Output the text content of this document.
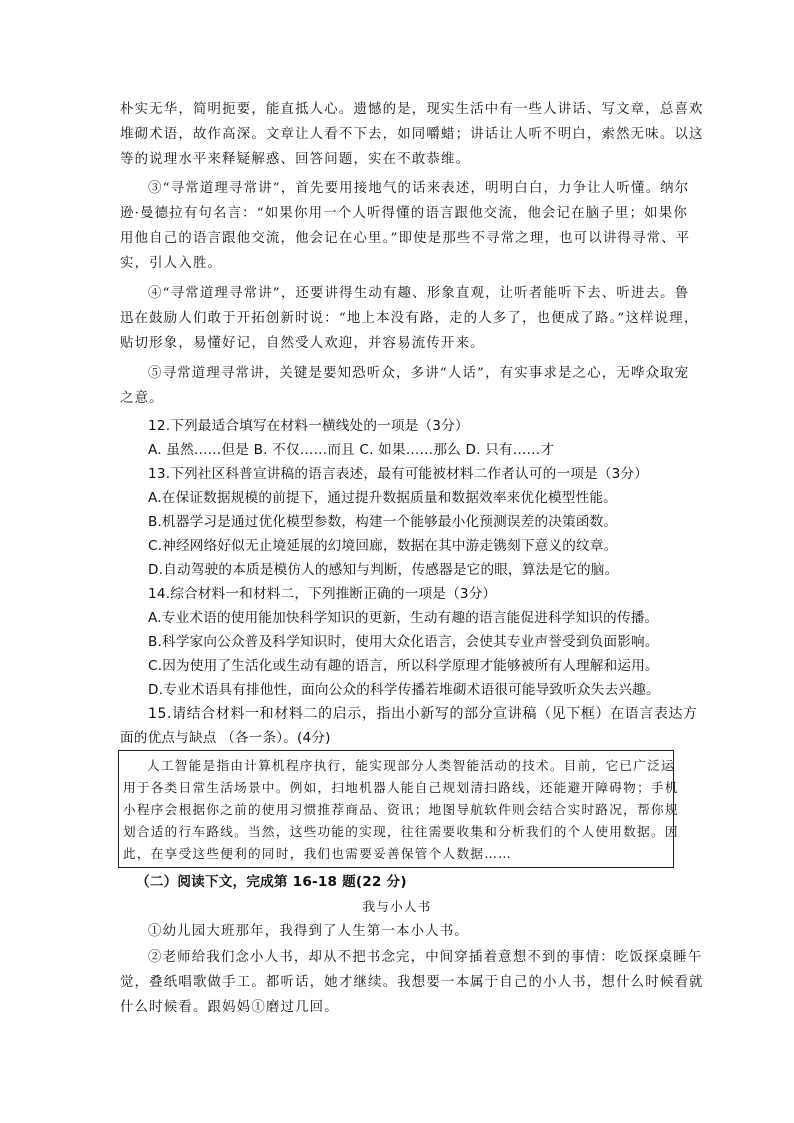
朴实无华，简明扼要，能直抵人心。遗憾的是，现实生活中有一些人讲话、写文章，总喜欢
堆砌术语，故作高深。文章让人看不下去，如同嚼蜡；讲话让人听不明白，索然无味。以这
等的说理水平来释疑解惑、回答问题，实在不敢恭维。
③“寻常道理寻常讲”，首先要用接地气的话来表述，明明白白，力争让人听懂。纳尔
逊·曼德拉有句名言：“如果你用一个人听得懂的语言跟他交流，他会记在脑子里；如果你
用他自己的语言跟他交流，他会记在心里。”即使是那些不寻常之理，也可以讲得寻常、平
实，引人入胜。
④“寻常道理寻常讲”，还要讲得生动有趣、形象直观，让听者能听下去、听进去。鲁
迅在鼓励人们敢于开拓创新时说：“地上本没有路，走的人多了，也便成了路。”这样说理，
贴切形象，易懂好记，自然受人欢迎，并容易流传开来。
⑤寻常道理寻常讲，关键是要知恐听众，多讲“人话”，有实事求是之心，无哗众取宠
之意。
12.下列最适合填写在材料一横线处的一项是（3分）
A. 虽然……但是 B. 不仅……而且 C. 如果……那么 D. 只有……才
13.下列社区科普宣讲稿的语言表述，最有可能被材料二作者认可的一项是（3分）
A.在保证数据规模的前提下，通过提升数据质量和数据效率来优化模型性能。
B.机器学习是通过优化模型参数，构建一个能够最小化预测误差的决策函数。
C.神经网络好似无止境延展的幻境回廊，数据在其中游走镌刻下意义的纹章。
D.自动驾驶的本质是模仿人的感知与判断，传感器是它的眼，算法是它的脑。
14.综合材料一和材料二，下列推断正确的一项是（3分）
A.专业术语的使用能加快科学知识的更新，生动有趣的语言能促进科学知识的传播。
B.科学家向公众普及科学知识时，使用大众化语言，会使其专业声誉受到负面影响。
C.因为使用了生活化或生动有趣的语言，所以科学原理才能够被所有人理解和运用。
D.专业术语具有排他性，面向公众的科学传播若堆砌术语很可能导致听众失去兴趣。
15.请结合材料一和材料二的启示，指出小新写的部分宣讲稿（见下框）在语言表达方
面的优点与缺点 （各一条）。(4分)
人工智能是指由计算机程序执行，能实现部分人类智能活动的技术。目前，它已广泛运
用于各类日常生活场景中。例如，扫地机器人能自己规划清扫路线，还能避开障碍物；手机
小程序会根据你之前的使用习惯推荐商品、资讯；地图导航软件则会结合实时路况，帮你规
划合适的行车路线。当然，这些功能的实现，往往需要收集和分析我们的个人使用数据。因
此，在享受这些便利的同时，我们也需要妥善保管个人数据……
（二）阅读下文，完成第 16-18 题(22 分)
我与小人书
①幼儿园大班那年，我得到了人生第一本小人书。
②老师给我们念小人书，却从不把书念完，中间穿插着意想不到的事情：吃饭探桌睡午
觉，叠纸唱歌做手工。都听话，她才继续。我想要一本属于自己的小人书，想什么时候看就
什么时候看。跟妈妈①磨过几回。
